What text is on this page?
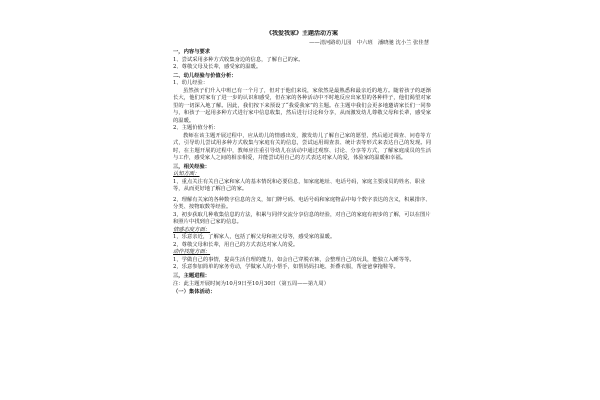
《我爱我家》主题活动方案

——清河路幼儿园　中六班　潘晓驰 沈小兰 张佳慧

一，内容与要求

1、尝试采用多种方式收集身边的信息，了解自己的家。

2、尊敬父母及长辈，感受家的温暖。

二、幼儿经验与价值分析：

1、幼儿经验：

虽然孩子们升入中班已有一个月了，但对于他们来说，家依然是最熟悉和最亲近的地方。随着孩子的逐渐长大，他们对家有了进一步的认识和感受，但在家的各种活动中不时地反应出家里的各种样子，他们渴望对家里的一切深入地了解。因此，我们按下来预设了“我爱我家”的主题。在主题中我们会更多地邀请家长们一同参与，和孩子一起用多种方式进行家中信息收集，然后进行讨论和分享，从而激发幼儿尊敬父母和长辈，感受家的温暖。

2、主题价值分析：

教师在该主题开展过程中，应从幼儿的情感出发，激发幼儿了解自己家的愿望，然后通过调查、问卷等方式，引导幼儿尝试用多种方式收集与家庭有关的信息，尝试运用调查表、统计表等形式来表达自己的发现。同时，在主题开展的过程中，教师应注重引导幼儿在活动中通过观察、讨论、分享等方式，了解家庭成员的生活与工作，感受家人之间的相亲相爱，并能尝试用自己的方式表达对家人的爱，体验家的温暖和幸福。

三，相关经验：

认知方面：

1，重点关注有关自己家和家人的基本情况和必要信息，如家庭地址、电话号码，家庭主要成员的姓名、职业等，从而更好地了解自己的家。

2，理解有关家的各种数字信息的含义，如门牌号码、电话号码和家庭物品中每个数字表达的含义，积累排序、分类、按物取数等经验。

3，初步获取几种收集信息的方法，积累与同伴交流分享信息的经验，对自己的家庭有初步的了解，可以在图片和照片中找到自己家的信息。

情感态度方面：

1，乐意亲近，了解家人，包括了解父母和祖父母等，感受家的温暖。

2，尊敬父母和长辈，用自己的方式表达对家人的爱。

动作技能方面：

1，学做自己的事情，提高生活自理的能力，如会自己穿脱衣裤，会整理自己的玩具，能独立入睡等等。

2，乐意参加简单的家务劳动，学做家人的小帮手，如帮妈妈扫地、折叠衣服，帮爸爸拿拖鞋等。

三，主题进程：

注：此主题开展时间为10月9日至10月30日（第五周——第九周）

（一）集体活动：
